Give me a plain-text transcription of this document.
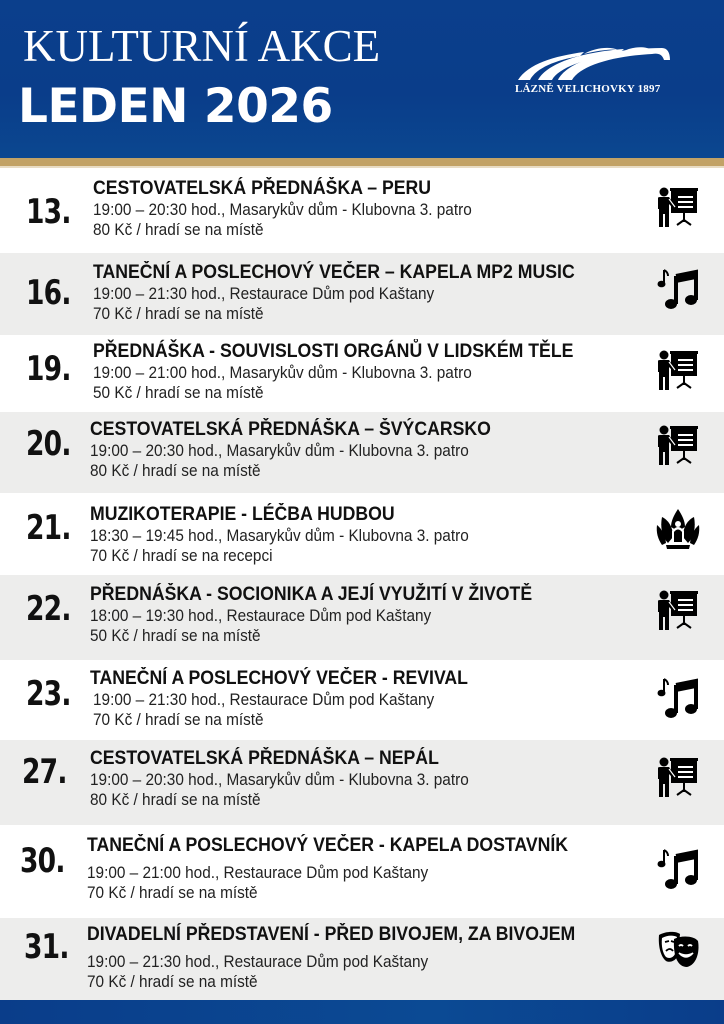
KULTURNÍ AKCE
LEDEN 2026	LÁZNĚ VELICHOVKY 1897
13.
CESTOVATELSKÁ PŘEDNÁŠKA – PERU
19:00 – 20:30 hod., Masarykův dům - Klubovna 3. patro
80 Kč / hradí se na místě
16.
TANEČNÍ A POSLECHOVÝ VEČER – KAPELA MP2 MUSIC
19:00 – 21:30 hod., Restaurace Dům pod Kaštany
70 Kč / hradí se na místě
19. PŘEDNÁŠKA - SOUVISLOSTI ORGÁNŮ V LIDSKÉM TĚLE
19:00 – 21:00 hod., Masarykův dům - Klubovna 3. patro
50 Kč / hradí se na místě
20. CESTOVATELSKÁ PŘEDNÁŠKA – ŠVÝCARSKO
19:00 – 20:30 hod., Masarykův dům - Klubovna 3. patro
80 Kč / hradí se na místě
21. MUZIKOTERAPIE - LÉČBA HUDBOU
18:30 – 19:45 hod., Masarykův dům - Klubovna 3. patro
70 Kč / hradí se na recepci
22. PŘEDNÁŠKA - SOCIONIKA A JEJÍ VYUŽITÍ V ŽIVOTĚ
18:00 – 19:30 hod., Restaurace Dům pod Kaštany
50 Kč / hradí se na místě
23. TANEČNÍ A POSLECHOVÝ VEČER - REVIVAL
19:00 – 21:30 hod., Restaurace Dům pod Kaštany
70 Kč / hradí se na místě
27. CESTOVATELSKÁ PŘEDNÁŠKA – NEPÁL
19:00 – 20:30 hod., Masarykův dům - Klubovna 3. patro
80 Kč / hradí se na místě
30. TANEČNÍ A POSLECHOVÝ VEČER - KAPELA DOSTAVNÍK
19:00 – 21:00 hod., Restaurace Dům pod Kaštany
70 Kč / hradí se na místě
31. DIVADELNÍ PŘEDSTAVENÍ - PŘED BIVOJEM, ZA BIVOJEM
19:00 – 21:30 hod., Restaurace Dům pod Kaštany
70 Kč / hradí se na místě
